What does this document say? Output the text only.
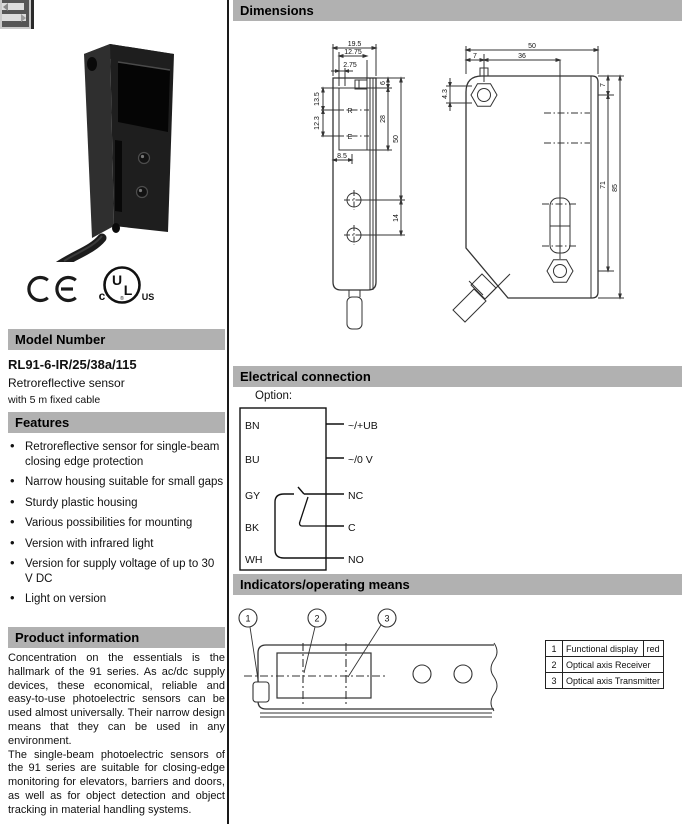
c
U
L
® US
Model Number
RL91-6-IR/25/38a/115
Retroreflective sensor
with 5 m fixed cable
Features
• Retroreflective sensor for single-beam closing edge protection
• Narrow housing suitable for small gaps
• Sturdy plastic housing
• Various possibilities for mounting
• Version with infrared light
• Version for supply voltage of up to 30 V DC
• Light on version
Product information

Concentration on the essentials is the hallmark of the 91 series. As ac/dc supply devices, these economical, reliable and easy-to-use photoelectric sensors can be used almost universally. Their narrow design means that they can be used in any environment.

The single-beam photoelectric sensors of the 91 series are suitable for closing-edge monitoring for elevators, barriers and doors, as well as for object detection and object tracking in material handling systems.

Dimensions
R
E
19.5
12.75
2.75
13.5
12.3
8.5
6
28
50
14
50
7	36
4.3
7
71 85
Electrical connection
Option:
BN
BU
GY
BK
WH
~/+UB
~/0 V
NC
C
NO
Indicators/operating means
1	2	3
1	Functional display	red
2	Optical axis Receiver	
3	Optical axis Transmitter	
